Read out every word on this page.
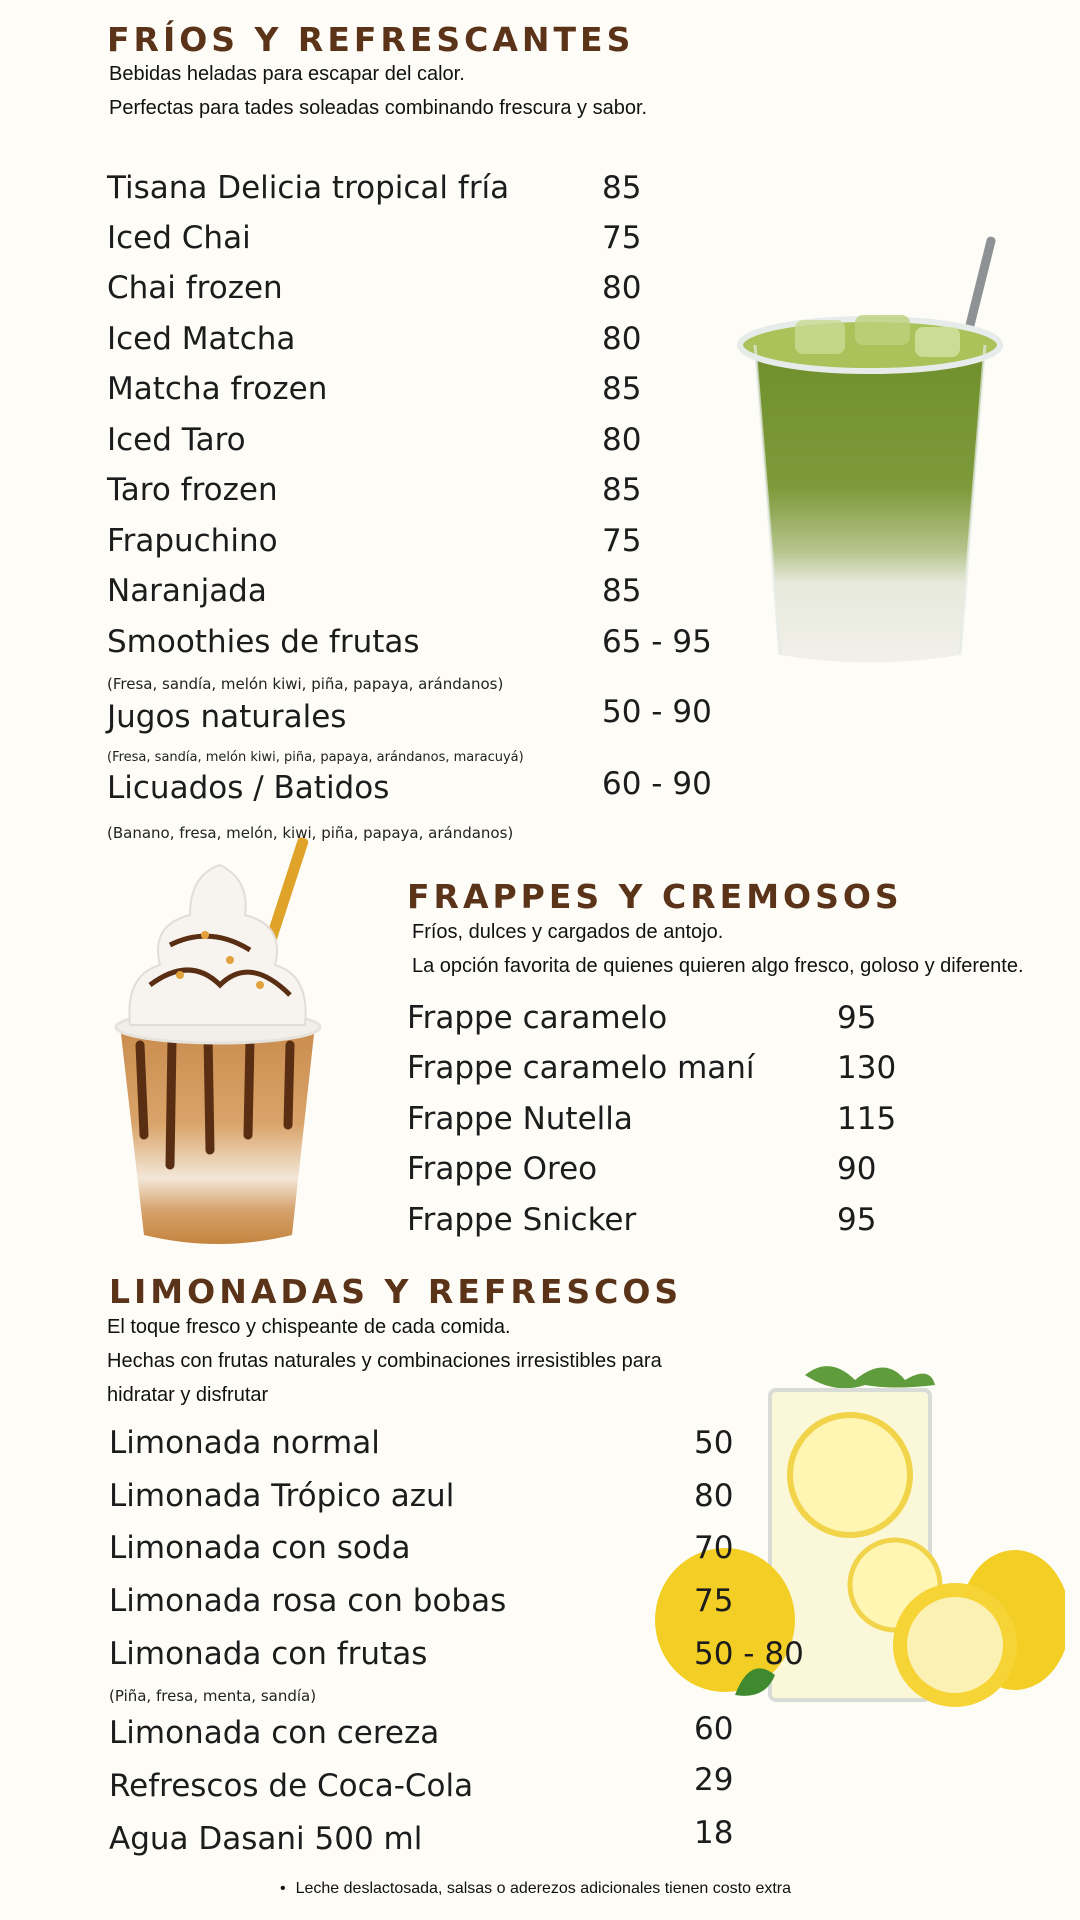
FRÍOS Y REFRESCANTES

Bebidas heladas para escapar del calor.

Perfectas para tades soleadas combinando frescura y sabor.

Tisana Delicia tropical fría	85
Iced Chai	75
Chai frozen	80
Iced Matcha	80
Matcha frozen	85
Iced Taro	80
Taro frozen	85
Frapuchino	75
Naranjada	85
Smoothies de frutas	65 - 95
(Fresa, sandía, melón kiwi, piña, papaya, arándanos)
Jugos naturales	50 - 90
(Fresa, sandía, melón kiwi, piña, papaya, arándanos, maracuyá)
Licuados / Batidos	60 - 90
(Banano, fresa, melón, kiwi, piña, papaya, arándanos)
FRAPPES Y CREMOSOS

Fríos, dulces y cargados de antojo.

La opción favorita de quienes quieren algo fresco, goloso y diferente.

Frappe caramelo	95
Frappe caramelo maní	130
Frappe Nutella	115
Frappe Oreo	90
Frappe Snicker	95
LIMONADAS Y REFRESCOS

El toque fresco y chispeante de cada comida.

Hechas con frutas naturales y combinaciones irresistibles para

hidratar y disfrutar

Limonada normal	50
Limonada Trópico azul	80
Limonada con soda	70
Limonada rosa con bobas	75
Limonada con frutas	50 - 80
(Piña, fresa, menta, sandía)
Limonada con cereza	60
Refrescos de Coca-Cola	29
Agua Dasani 500 ml	18
• Leche deslactosada, salsas o aderezos adicionales tienen costo extra
